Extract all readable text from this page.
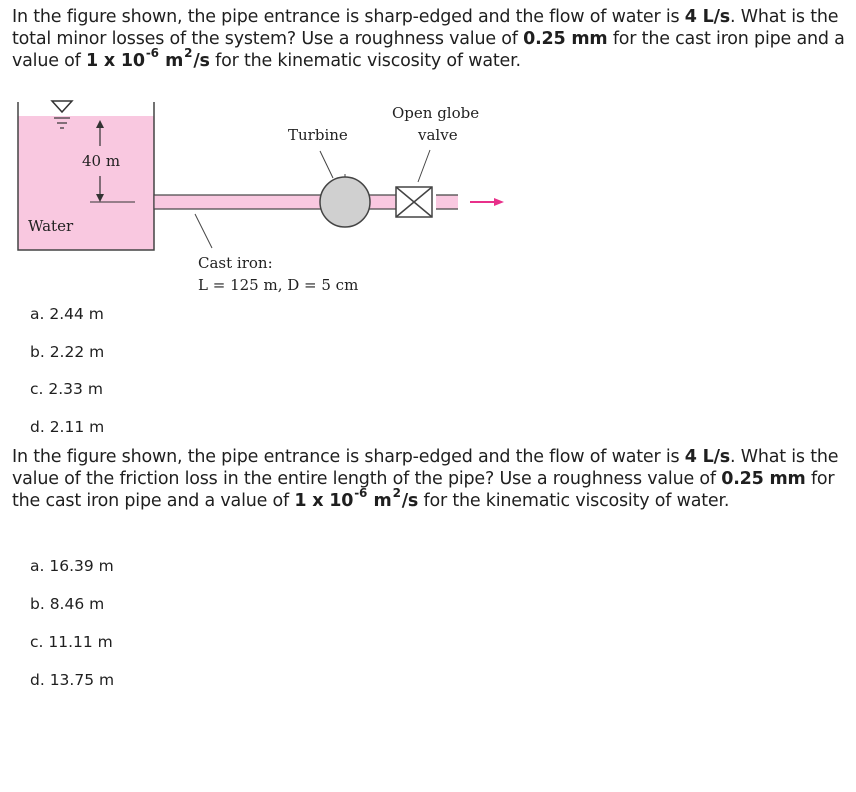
In the figure shown, the pipe entrance is sharp-edged and the flow of water is 4 L/s. What is the total minor losses of the system? Use a roughness value of 0.25 mm for the cast iron pipe and a value of 1 x $10^{-6}$ $m^2/s$ for the kinematic viscosity of water.
40 m
Water
Turbine
Open globe
valve
Cast iron:
L = 125 m, D = 5 cm
a. 2.44 m
b. 2.22 m
c. 2.33 m
d. 2.11 m
In the figure shown, the pipe entrance is sharp-edged and the flow of water is 4 L/s. What is the value of the friction loss in the entire length of the pipe? Use a roughness value of 0.25 mm for the cast iron pipe and a value of 1 x $10^{-6}$ $m^2/s$ for the kinematic viscosity of water.
a. 16.39 m
b. 8.46 m
c. 11.11 m
d. 13.75 m
